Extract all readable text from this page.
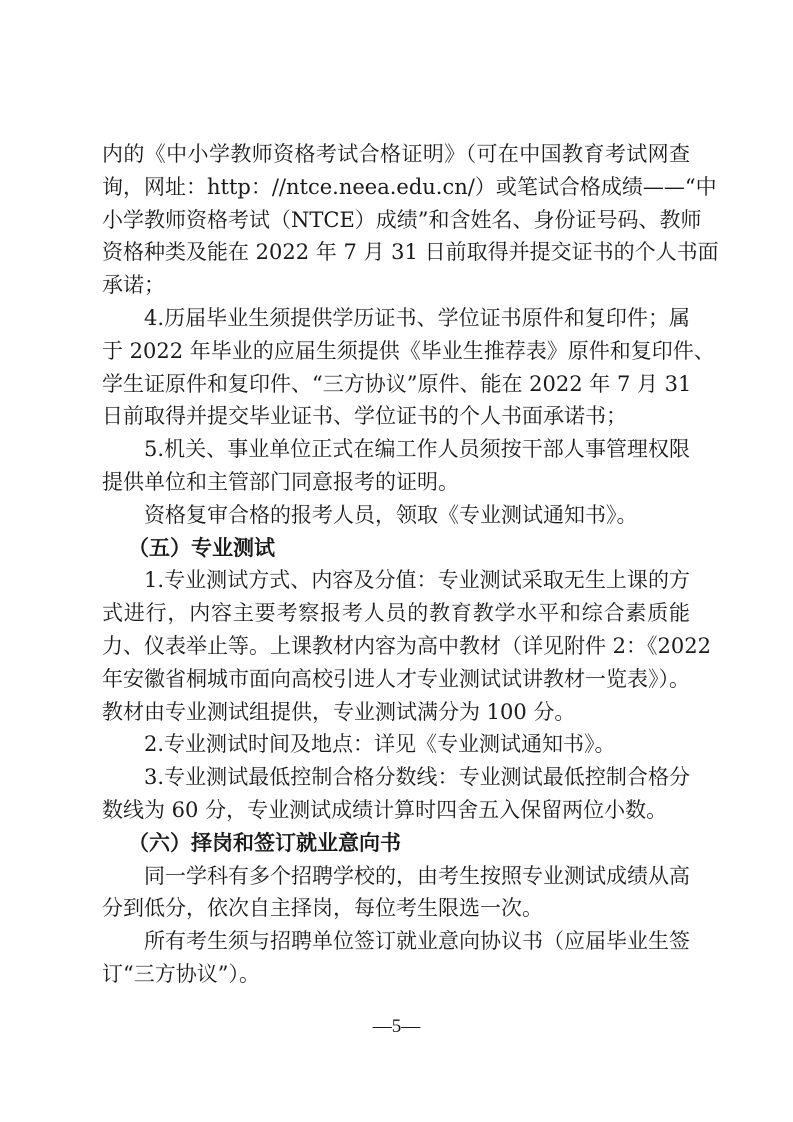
内的《中小学教师资格考试合格证明》（可在中国教育考试网查
询，网址：http：//ntce.neea.edu.cn/）或笔试合格成绩——“中
小学教师资格考试（NTCE）成绩”和含姓名、身份证号码、教师
资格种类及能在 2022 年 7 月 31 日前取得并提交证书的个人书面
承诺；
4.历届毕业生须提供学历证书、学位证书原件和复印件；属
于 2022 年毕业的应届生须提供《毕业生推荐表》原件和复印件、
学生证原件和复印件、“三方协议”原件、能在 2022 年 7 月 31
日前取得并提交毕业证书、学位证书的个人书面承诺书；
5.机关、事业单位正式在编工作人员须按干部人事管理权限
提供单位和主管部门同意报考的证明。
资格复审合格的报考人员，领取《专业测试通知书》。
（五）专业测试
1.专业测试方式、内容及分值：专业测试采取无生上课的方
式进行，内容主要考察报考人员的教育教学水平和综合素质能
力、仪表举止等。上课教材内容为高中教材（详见附件 2：《2022
年安徽省桐城市面向高校引进人才专业测试试讲教材一览表》）。
教材由专业测试组提供，专业测试满分为 100 分。
2.专业测试时间及地点：详见《专业测试通知书》。
3.专业测试最低控制合格分数线：专业测试最低控制合格分
数线为 60 分，专业测试成绩计算时四舍五入保留两位小数。
（六）择岗和签订就业意向书
同一学科有多个招聘学校的，由考生按照专业测试成绩从高
分到低分，依次自主择岗，每位考生限选一次。
所有考生须与招聘单位签订就业意向协议书（应届毕业生签
订“三方协议”）。
—5—
